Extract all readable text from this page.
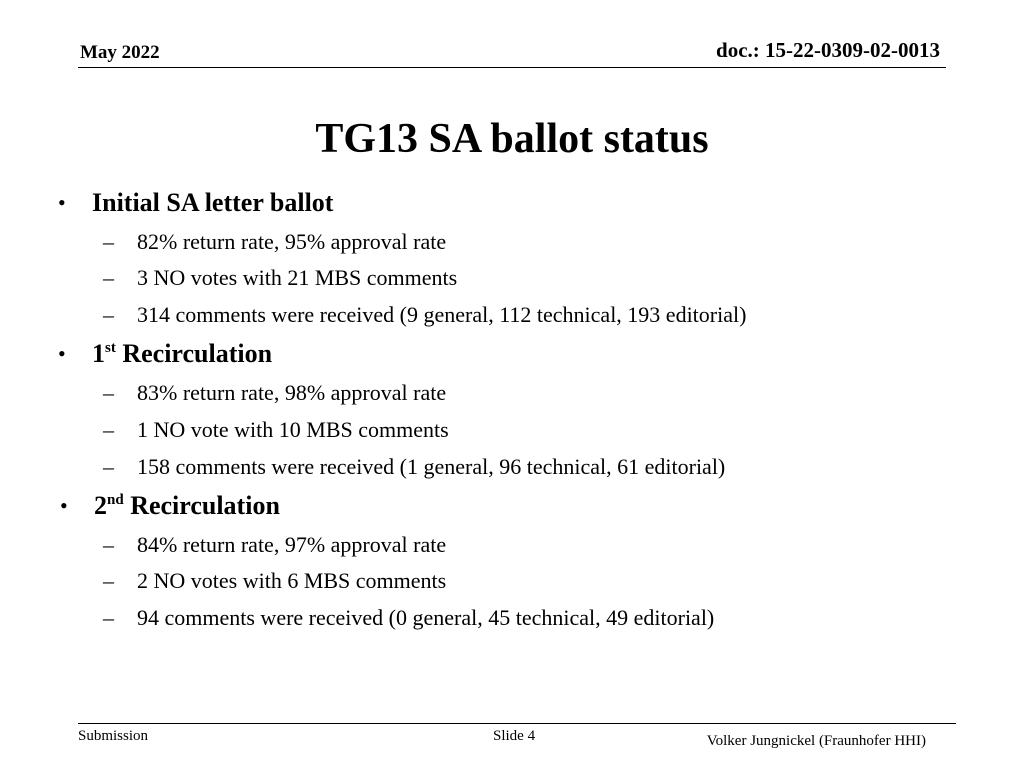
May 2022	doc.: 15-22-0309-02-0013
TG13 SA ballot status
• Initial SA letter ballot
– 82% return rate, 95% approval rate
– 3 NO votes with 21 MBS comments
– 314 comments were received (9 general, 112 technical, 193 editorial)
• 1st Recirculation
– 83% return rate, 98% approval rate
– 1 NO vote with 10 MBS comments
– 158 comments were received (1 general, 96 technical, 61 editorial)
• 2nd Recirculation
– 84% return rate, 97% approval rate
– 2 NO votes with 6 MBS comments
– 94 comments were received (0 general, 45 technical, 49 editorial)
Submission	Slide 4	Volker Jungnickel (Fraunhofer HHI)
